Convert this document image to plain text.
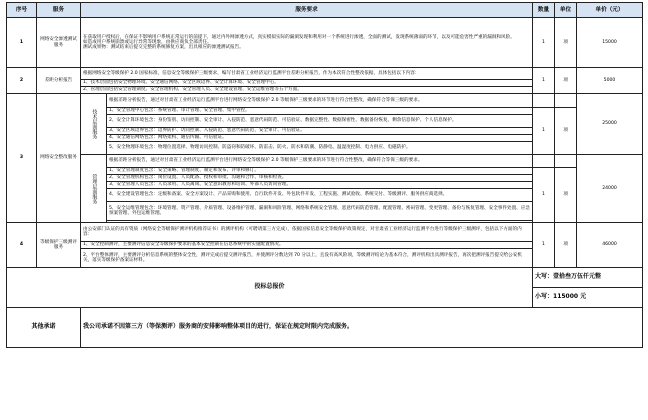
序号	服务	服务要求		数量	单位	单价（元）
1	网络安全渗透测试服务	在获取用户授权后，在保证不影响用户系统正常运行的前提下，通过内外网渗透方式，真实模拟实际的漏洞发现和利用对一个系统进行渗透，全面的测试，发现系统薄弱的环节，以及可能危害性严重的漏洞和风险。
如造成用户系统崩溃或运行异常等现象，由供应商负全部责任。
测试成果物：测试结束后提交完整的系统修复方案，出具相应的渗透测试报告。		1	项	15000
2	差距分析报告	根据网络安全等级保护 2.0 国家标准，信息安全等级保护三级要求，编写甘肃省工业经济运行监测平台差距分析报告，作为本次符合性整改依据，具体包括以下内容：		1	项	5000
		1、技术层面包括安全物理环境、安全通信网络、安全区域边界、安全计算环境、安全管理中心。				
		2、管理层面包括安全管理制度、安全管理机构、安全管理人员、安全建设管理、安全运维管理等五个方面。				
3	网络安全整改服务	技术层面服务	根据差距分析报告，通过对甘肃省工业经济运行监测平台进行网络安全等级保护 2.0 等级保护三级要求的环节进行符合性整改，确保符合等保三级的要求。			25000
			1、安全管理中心包含：系统管理、审计管理、安全管理、集中管控。	1	项	
			2、安全计算环境包含：身份鉴别、访问控制、安全审计、入侵防范、恶意代码防范、可信验证、数据完整性、数据保密性、数据备份恢复、剩余信息保护、个人信息保护。			
			3、安全区域边界包含：边界防护、访问控制、入侵防范、恶意代码防范、安全审计、可信验证。			
			4、安全通信网络包含：网络架构、通信传输、可信验证。			
			5、安全物理环境包含：物理位置选择、物理访问控制、防盗窃和防破坏、防雷击、防火、防水和防潮、防静电、温湿度控制、电力供应、电磁防护。			
		管理层面服务	根据差距分析报告，通过对甘肃省工业经济运行监测平台进行网络安全等级保护 2.0 等级保护三级要求的环节进行符合性整改，确保符合等保三级的要求。			24000
			1、安全管理制度包含：安全策略、管理制度、制定和发布、评审和修订。	1	项	
			2、安全管理机构包含：岗位设置、人员配备、授权和审批、沟通和合作、审核和检查。			
			3、安全管理人员包含：人员录用、人员离岗、安全意识教育和培训、外部人员访问管理。			
			4、安全建设管理包含：定级和备案、安全方案设计、产品采购和使用、自行软件开发、外包软件开发、工程实施、测试验收、系统交付、等级测评、服务供应商选择。			
			5、安全运维管理包含：环境管理、资产管理、介质管理、设备维护管理、漏洞和风险管理、网络和系统安全管理、恶意代码防范管理、配置管理、密码管理、变更管理、备份与恢复管理、安全事件处置、应急预案管理、外包运维管理。			

4	等级保护三级测评服务	由公安部门认证的具有资质（网络安全等级保护测评机构推荐证书）的测评机构（可聘请第三方完成），依据国家信息安全等级保护政策规定，对甘肃省工业经济运行监测平台进行等级保护三级测评，包括以下方面的内容：		1	项	46000
		1、安全控制测评，主要测评信息安全等级保护要求的基本安全控制在信息系统中的实施配置情况。				
		2、平台整体测评，主要测评分析信息系统的整体安全性，测评完成后提交测评报告，并使测评分数达到 70 分以上，且没有高风险项，等级测评结论为基本符合，测评机构出具测评报告，再次把测评报告提交给公安机关，落实等级保护备案证材料。				
投标总报价				大写：壹拾叁万伍仟元整		
				小写：115000 元		
其他承诺		我公司承诺不因第三方（等保测评）服务商的安排影响整体项目的进行，保证在规定时限内完成服务。				
